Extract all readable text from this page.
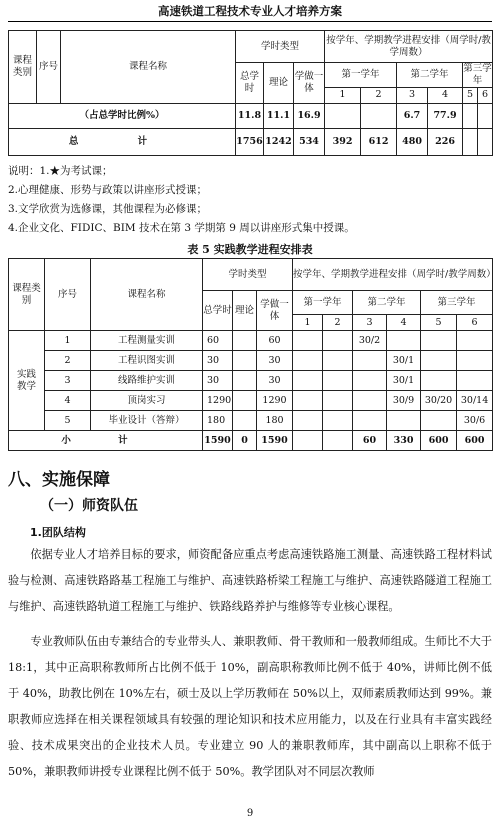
高速铁道工程技术专业人才培养方案
课程类别	序号	课程名称	学时类型			按学年、学期教学进程安排（周学时/教学周数）					
			总学时	理论	学做一体	第一学年		第二学年		第三学年	
						1	2	3	4	5	6
（占总学时比例%）			11.8	11.1	16.9			6.7	77.9		
总 计			1756	1242	534	392	612	480	226		
说明：1.★为考试课；
2.心理健康、形势与政策以讲座形式授课；
3.文学欣赏为选修课，其他课程为必修课；
4.企业文化、FIDIC、BIM 技术在第 3 学期第 9 周以讲座形式集中授课。
表 5 实践教学进程安排表
课程类别	序号	课程名称	学时类型			按学年、学期教学进程安排（周学时/教学周数）					
			总学时	理论	学做一体	第一学年		第二学年		第三学年	
						1	2	3	4	5	6
实践教学	1	工程测量实训	60		60			30/2			
	2	工程识图实训	30		30				30/1		
	3	线路维护实训	30		30				30/1		
	4	顶岗实习	1290		1290				30/9	30/20	30/14
	5	毕业设计（答辩）	180		180						30/6
小 计			1590	0	1590			60	330	600	600
八、实施保障
（一）师资队伍
1.团队结构
依据专业人才培养目标的要求，师资配备应重点考虑高速铁路施工测量、高速铁路工程材料试验与检测、高速铁路路基工程施工与维护、高速铁路桥梁工程施工与维护、高速铁路隧道工程施工与维护、高速铁路轨道工程施工与维护、铁路线路养护与维修等专业核心课程。
专业教师队伍由专兼结合的专业带头人、兼职教师、骨干教师和一般教师组成。生师比不大于 18:1，其中正高职称教师所占比例不低于 10%，副高职称教师比例不低于 40%，讲师比例不低于 40%，助教比例在 10%左右，硕士及以上学历教师在 50%以上，双师素质教师达到 99%。兼职教师应选择在相关课程领域具有较强的理论知识和技术应用能力，以及在行业具有丰富实践经验、技术成果突出的企业技术人员。专业建立 90 人的兼职教师库，其中副高以上职称不低于 50%，兼职教师讲授专业课程比例不低于 50%。教学团队对不同层次教师
9
